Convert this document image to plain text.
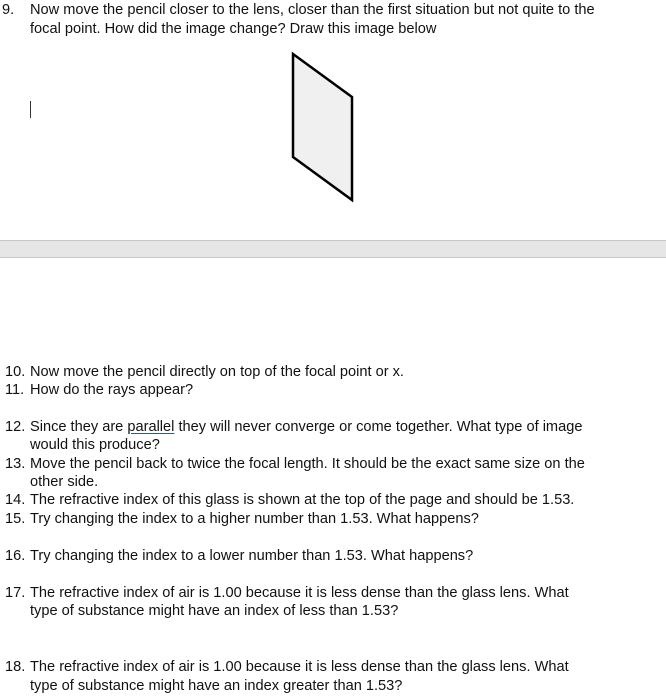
9. Now move the pencil closer to the lens, closer than the first situation but not quite to the
focal point. How did the image change? Draw this image below
10. Now move the pencil directly on top of the focal point or x.
11. How do the rays appear?
12. Since they are parallel they will never converge or come together. What type of image
would this produce?
13. Move the pencil back to twice the focal length. It should be the exact same size on the
other side.
14. The refractive index of this glass is shown at the top of the page and should be 1.53.
15. Try changing the index to a higher number than 1.53. What happens?
16. Try changing the index to a lower number than 1.53. What happens?
17. The refractive index of air is 1.00 because it is less dense than the glass lens. What
type of substance might have an index of less than 1.53?
18. The refractive index of air is 1.00 because it is less dense than the glass lens. What
type of substance might have an index greater than 1.53?
